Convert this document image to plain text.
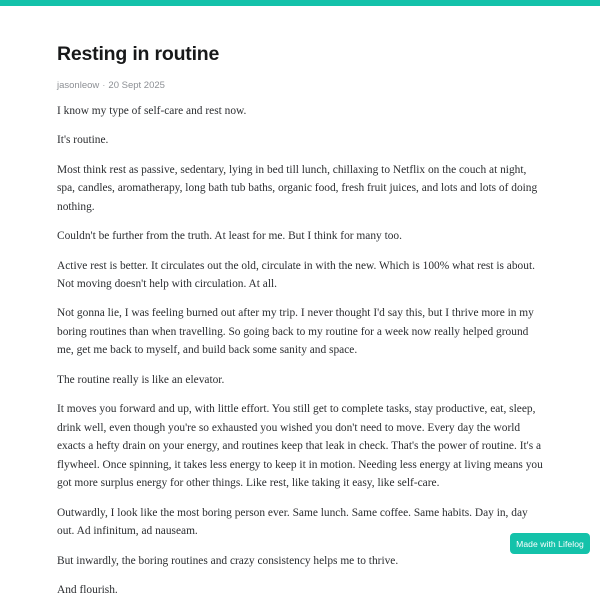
Resting in routine
jasonleow · 20 Sept 2025

I know my type of self-care and rest now.

It's routine.

Most think rest as passive, sedentary, lying in bed till lunch, chillaxing to Netflix on the couch at night, spa, candles, aromatherapy, long bath tub baths, organic food, fresh fruit juices, and lots and lots of doing nothing.

Couldn't be further from the truth. At least for me. But I think for many too.

Active rest is better. It circulates out the old, circulate in with the new. Which is 100% what rest is about. Not moving doesn't help with circulation. At all.

Not gonna lie, I was feeling burned out after my trip. I never thought I'd say this, but I thrive more in my boring routines than when travelling. So going back to my routine for a week now really helped ground me, get me back to myself, and build back some sanity and space.

The routine really is like an elevator.

It moves you forward and up, with little effort. You still get to complete tasks, stay productive, eat, sleep, drink well, even though you're so exhausted you wished you don't need to move. Every day the world exacts a hefty drain on your energy, and routines keep that leak in check. That's the power of routine. It's a flywheel. Once spinning, it takes less energy to keep it in motion. Needing less energy at living means you got more surplus energy for other things. Like rest, like taking it easy, like self-care.

Outwardly, I look like the most boring person ever. Same lunch. Same coffee. Same habits. Day in, day out. Ad infinitum, ad nauseam.

But inwardly, the boring routines and crazy consistency helps me to thrive.

And flourish.

Made with Lifelog
